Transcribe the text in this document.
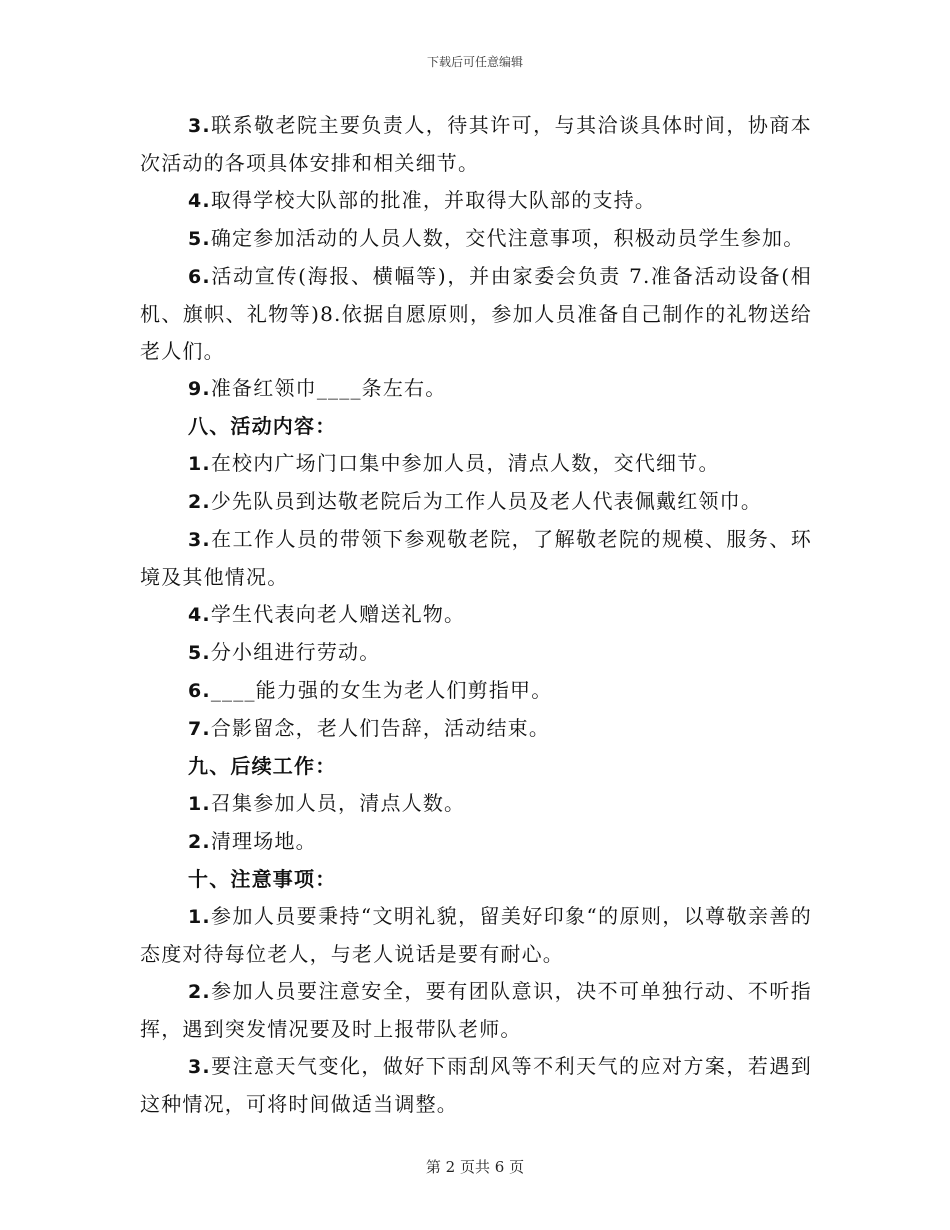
下载后可任意编辑

3.联系敬老院主要负责人，待其许可，与其洽谈具体时间，协商本次活动的各项具体安排和相关细节。

4.取得学校大队部的批准，并取得大队部的支持。

5.确定参加活动的人员人数，交代注意事项，积极动员学生参加。

6.活动宣传(海报、横幅等)，并由家委会负责 7.准备活动设备(相机、旗帜、礼物等)8.依据自愿原则，参加人员准备自己制作的礼物送给老人们。

9.准备红领巾____条左右。

八、活动内容：

1.在校内广场门口集中参加人员，清点人数，交代细节。

2.少先队员到达敬老院后为工作人员及老人代表佩戴红领巾。

3.在工作人员的带领下参观敬老院，了解敬老院的规模、服务、环境及其他情况。

4.学生代表向老人赠送礼物。

5.分小组进行劳动。

6.____能力强的女生为老人们剪指甲。

7.合影留念，老人们告辞，活动结束。

九、后续工作：

1.召集参加人员，清点人数。

2.清理场地。

十、注意事项：

1.参加人员要秉持“文明礼貌，留美好印象“的原则，以尊敬亲善的态度对待每位老人，与老人说话是要有耐心。

2.参加人员要注意安全，要有团队意识，决不可单独行动、不听指挥，遇到突发情况要及时上报带队老师。

3.要注意天气变化，做好下雨刮风等不利天气的应对方案，若遇到这种情况，可将时间做适当调整。

第 2 页共 6 页
